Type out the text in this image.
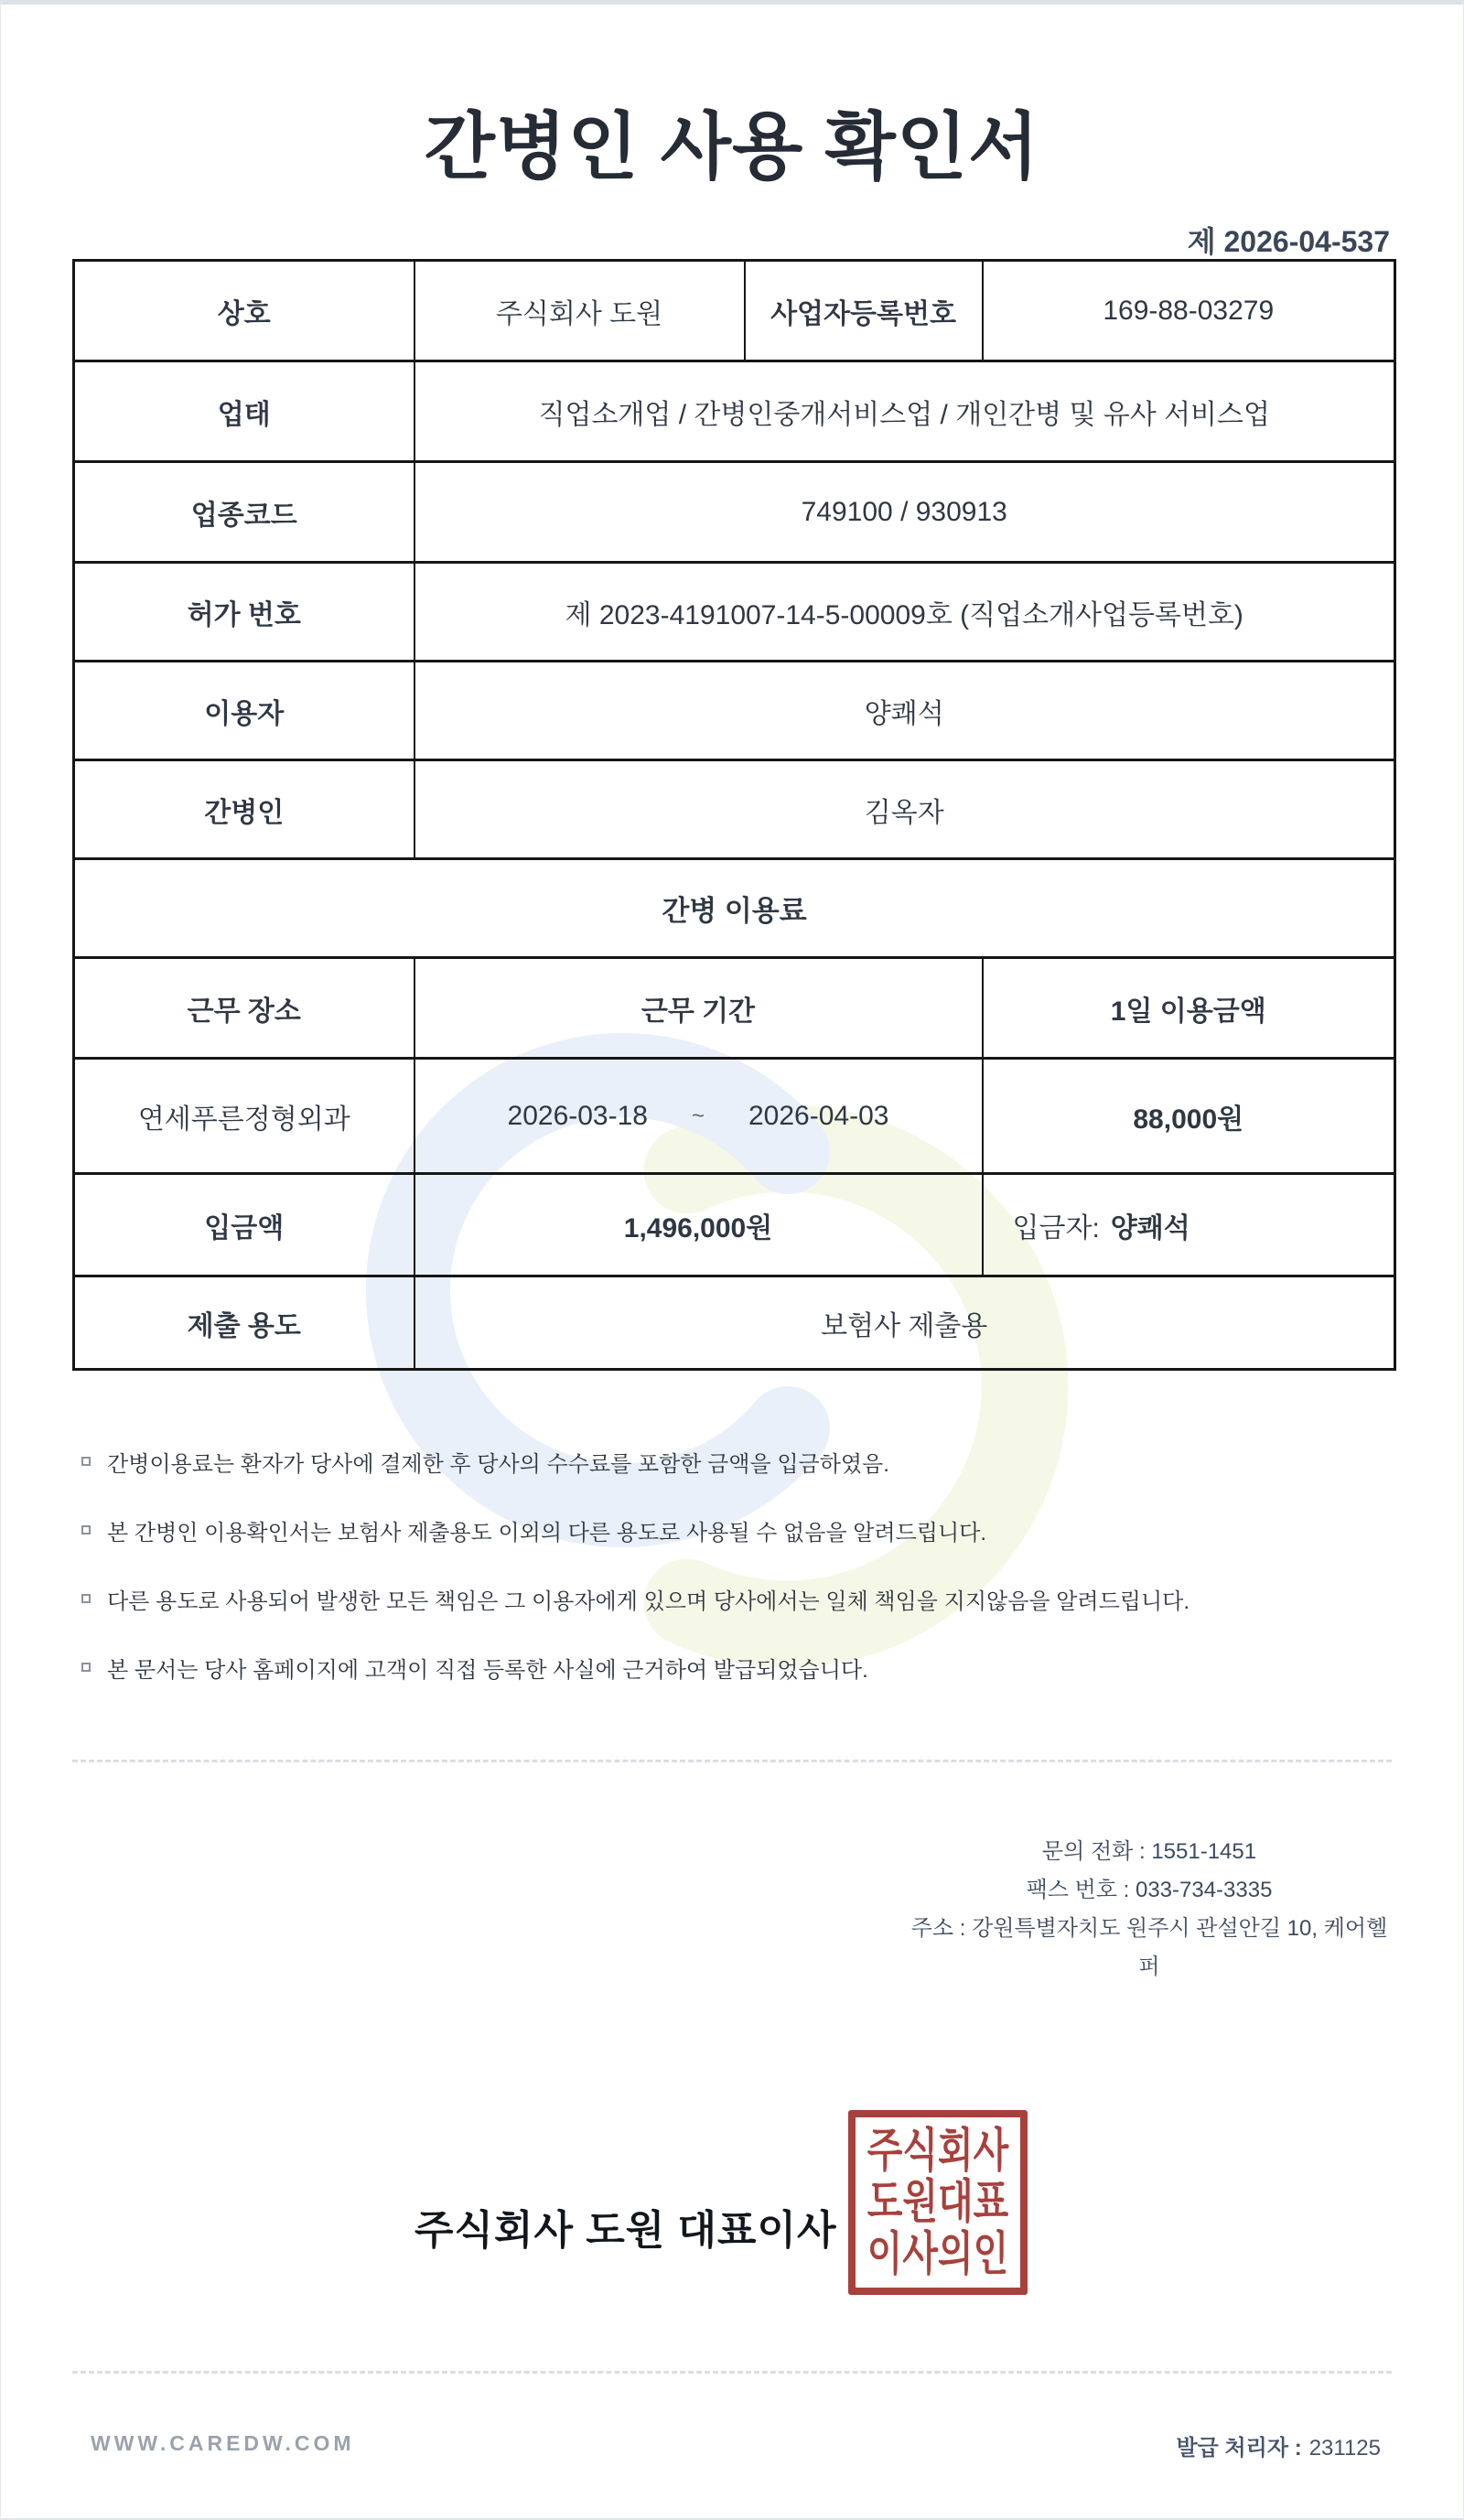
간병인 사용 확인서
제 2026-04-537
상호	주식회사 도원	사업자등록번호	169-88-03279
업태	직업소개업 / 간병인중개서비스업 / 개인간병 및 유사 서비스업		
업종코드	749100 / 930913		
허가 번호	제 2023-4191007-14-5-00009호 (직업소개사업등록번호)		
이용자	양쾌석		
간병인	김옥자		
간병 이용료			
근무 장소	근무 기간		1일 이용금액
연세푸른정형외과	2026-03-18 ~ 2026-04-03		88,000원
입금액	1,496,000원		입금자: 양쾌석

제출 용도	보험사 제출용		
간병이용료는 환자가 당사에 결제한 후 당사의 수수료를 포함한 금액을 입금하였음.
본 간병인 이용확인서는 보험사 제출용도 이외의 다른 용도로 사용될 수 없음을 알려드립니다.
다른 용도로 사용되어 발생한 모든 책임은 그 이용자에게 있으며 당사에서는 일체 책임을 지지않음을 알려드립니다.
본 문서는 당사 홈페이지에 고객이 직접 등록한 사실에 근거하여 발급되었습니다.
문의 전화 : 1551-1451
팩스 번호 : 033-734-3335
주소 : 강원특별자치도 원주시 관설안길 10, 케어헬퍼
주식회사 도원 대표이사
주식회사
도원대표
이사의인
WWW.CAREDW.COM	발급 처리자 : 231125
